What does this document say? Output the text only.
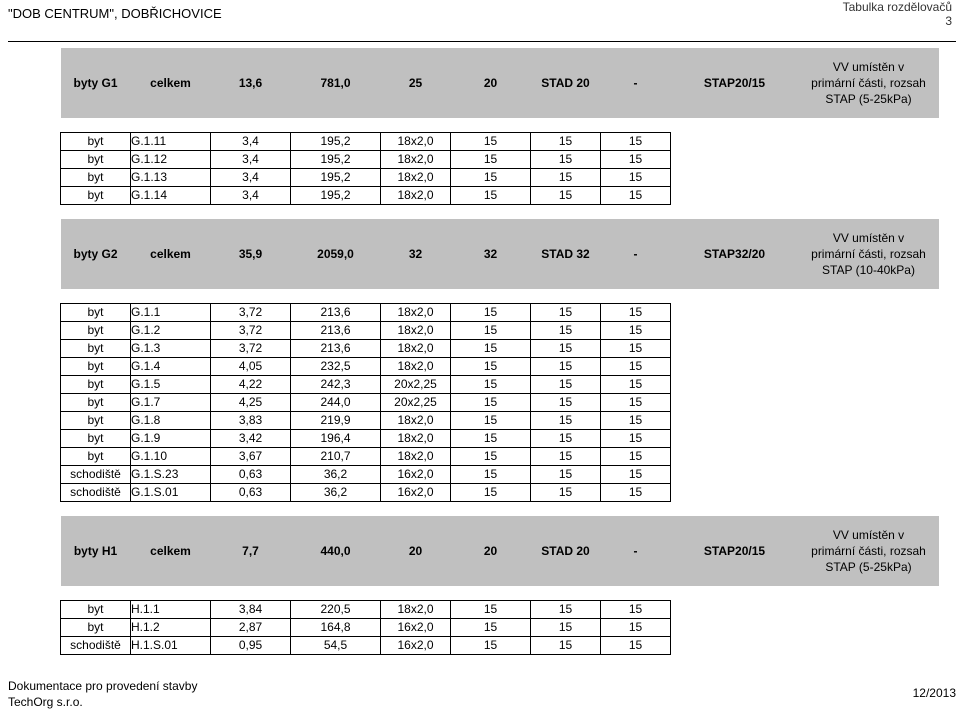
"DOB CENTRUM", DOBŘICHOVICE	Tabulka rozdělovačů
3
byty G1	celkem	13,6	781,0	25	20	STAD 20	-	STAP20/15	VV umístěn v
primární části, rozsah
STAP (5-25kPa)

byt	G.1.11	3,4	195,2	18x2,0	15	15	15		
byt	G.1.12	3,4	195,2	18x2,0	15	15	15		
byt	G.1.13	3,4	195,2	18x2,0	15	15	15		
byt	G.1.14	3,4	195,2	18x2,0	15	15	15		

byty G2	celkem	35,9	2059,0	32	32	STAD 32	-	STAP32/20	VV umístěn v
primární části, rozsah
STAP (10-40kPa)

byt	G.1.1	3,72	213,6	18x2,0	15	15	15		
byt	G.1.2	3,72	213,6	18x2,0	15	15	15		
byt	G.1.3	3,72	213,6	18x2,0	15	15	15		
byt	G.1.4	4,05	232,5	18x2,0	15	15	15		
byt	G.1.5	4,22	242,3	20x2,25	15	15	15		
byt	G.1.7	4,25	244,0	20x2,25	15	15	15		
byt	G.1.8	3,83	219,9	18x2,0	15	15	15		
byt	G.1.9	3,42	196,4	18x2,0	15	15	15		
byt	G.1.10	3,67	210,7	18x2,0	15	15	15		
schodiště	G.1.S.23	0,63	36,2	16x2,0	15	15	15		
schodiště	G.1.S.01	0,63	36,2	16x2,0	15	15	15		

byty H1	celkem	7,7	440,0	20	20	STAD 20	-	STAP20/15	VV umístěn v
primární části, rozsah
STAP (5-25kPa)

byt	H.1.1	3,84	220,5	18x2,0	15	15	15		
byt	H.1.2	2,87	164,8	16x2,0	15	15	15		
schodiště	H.1.S.01	0,95	54,5	16x2,0	15	15	15		
Dokumentace pro provedení stavby
TechOrg s.r.o.
12/2013
